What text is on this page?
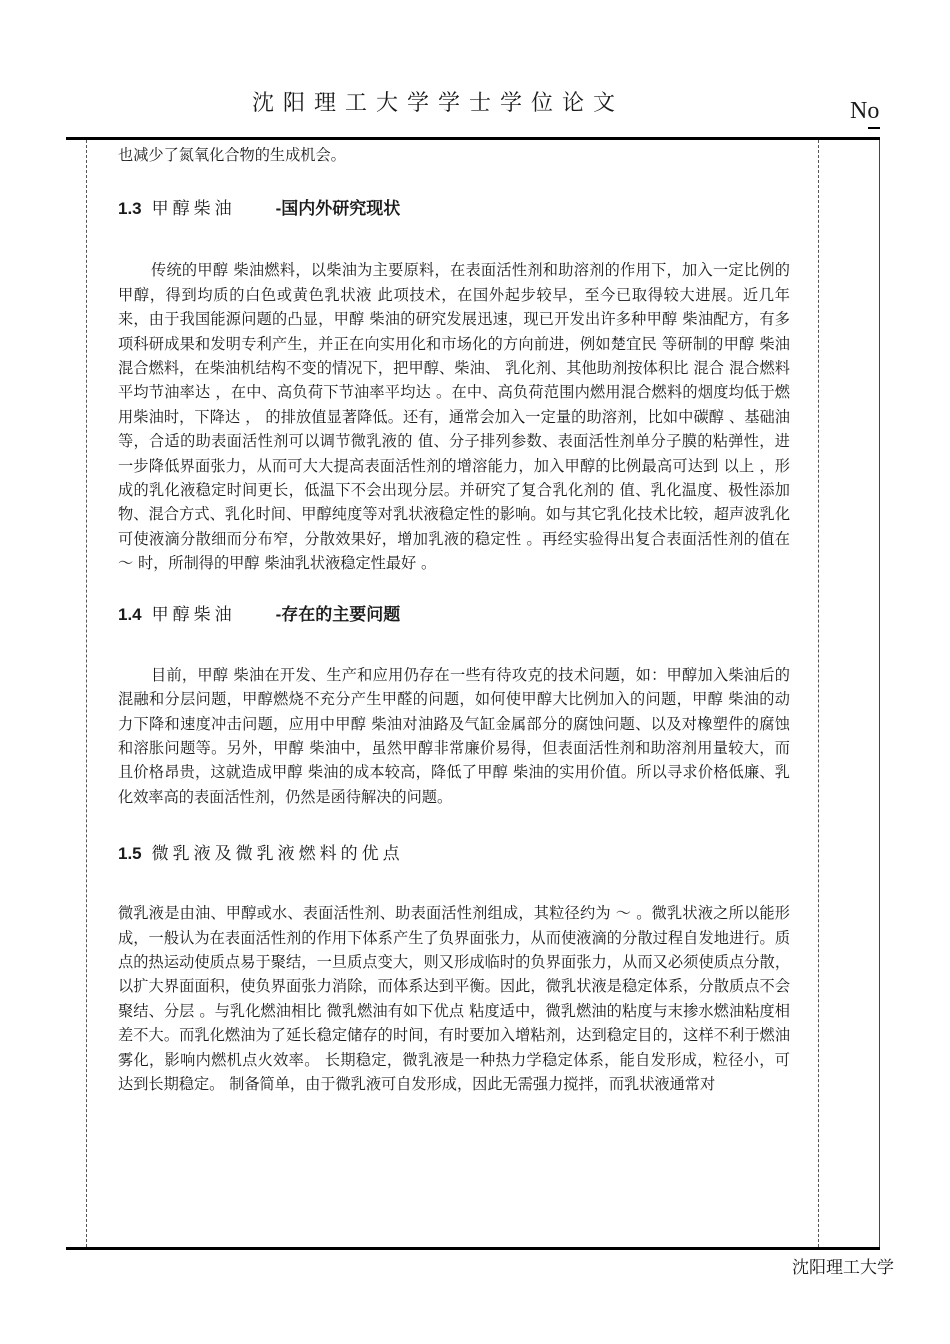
沈阳理工大学学士学位论文	No

也减少了氮氧化合物的生成机会。

1.3 甲醇柴油 -国内外研究现状

传统的甲醇 柴油燃料，以柴油为主要原料，在表面活性剂和助溶剂的作用下，加入一定比例的甲醇，得到均质的白色或黄色乳状液 此项技术，在国外起步较早，至今已取得较大进展。近几年来，由于我国能源问题的凸显，甲醇 柴油的研究发展迅速，现已开发出许多种甲醇 柴油配方，有多项科研成果和发明专利产生，并正在向实用化和市场化的方向前进，例如楚宜民 等研制的甲醇 柴油混合燃料，在柴油机结构不变的情况下，把甲醇、柴油、 乳化剂、其他助剂按体积比 混合 混合燃料平均节油率达 ，在中、高负荷下节油率平均达 。在中、高负荷范围内燃用混合燃料的烟度均低于燃用柴油时，下降达 ， 的排放值显著降低。还有，通常会加入一定量的助溶剂，比如中碳醇 、基础油 等，合适的助表面活性剂可以调节微乳液的 值、分子排列参数、表面活性剂单分子膜的粘弹性，进一步降低界面张力，从而可大大提高表面活性剂的增溶能力，加入甲醇的比例最高可达到 以上 ，形成的乳化液稳定时间更长，低温下不会出现分层。并研究了复合乳化剂的 值、乳化温度、极性添加物、混合方式、乳化时间、甲醇纯度等对乳状液稳定性的影响。如与其它乳化技术比较，超声波乳化可使液滴分散细而分布窄，分散效果好，增加乳液的稳定性 。再经实验得出复合表面活性剂的值在 ～ 时，所制得的甲醇 柴油乳状液稳定性最好 。

1.4 甲醇柴油 -存在的主要问题

目前，甲醇 柴油在开发、生产和应用仍存在一些有待攻克的技术问题，如：甲醇加入柴油后的混融和分层问题，甲醇燃烧不充分产生甲醛的问题，如何使甲醇大比例加入的问题，甲醇 柴油的动力下降和速度冲击问题，应用中甲醇 柴油对油路及气缸金属部分的腐蚀问题、以及对橡塑件的腐蚀和溶胀问题等。另外，甲醇 柴油中，虽然甲醇非常廉价易得，但表面活性剂和助溶剂用量较大，而且价格昂贵，这就造成甲醇 柴油的成本较高，降低了甲醇 柴油的实用价值。所以寻求价格低廉、乳化效率高的表面活性剂，仍然是函待解决的问题。

1.5 微乳液及微乳液燃料的优点

微乳液是由油、甲醇或水、表面活性剂、助表面活性剂组成，其粒径约为 ～ 。微乳状液之所以能形成，一般认为在表面活性剂的作用下体系产生了负界面张力，从而使液滴的分散过程自发地进行。质点的热运动使质点易于聚结，一旦质点变大，则又形成临时的负界面张力，从而又必须使质点分散，以扩大界面面积，使负界面张力消除，而体系达到平衡。因此，微乳状液是稳定体系，分散质点不会聚结、分层 。与乳化燃油相比 微乳燃油有如下优点 粘度适中，微乳燃油的粘度与末掺水燃油粘度相差不大。而乳化燃油为了延长稳定储存的时间，有时要加入增粘剂，达到稳定目的，这样不利于燃油雾化，影响内燃机点火效率。 长期稳定，微乳液是一种热力学稳定体系，能自发形成，粒径小，可达到长期稳定。 制备简单，由于微乳液可自发形成，因此无需强力搅拌，而乳状液通常对

沈阳理工大学
